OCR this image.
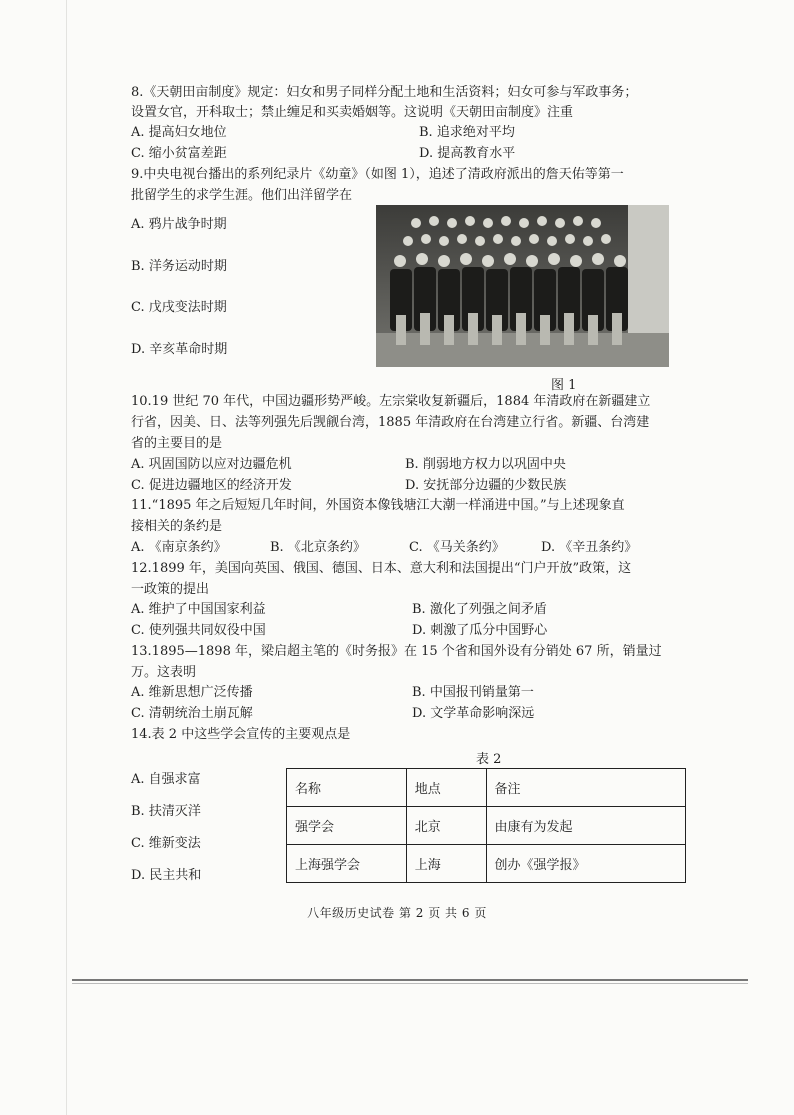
8.《天朝田亩制度》规定：妇女和男子同样分配土地和生活资料；妇女可参与军政事务；
设置女官，开科取士；禁止缠足和买卖婚姻等。这说明《天朝田亩制度》注重
A. 提高妇女地位	B. 追求绝对平均
C. 缩小贫富差距	D. 提高教育水平
9.中央电视台播出的系列纪录片《幼童》（如图 1），追述了清政府派出的詹天佑等第一
批留学生的求学生涯。他们出洋留学在
A. 鸦片战争时期
B. 洋务运动时期
C. 戊戌变法时期
D. 辛亥革命时期
图 1
10.19 世纪 70 年代，中国边疆形势严峻。左宗棠收复新疆后，1884 年清政府在新疆建立
行省，因美、日、法等列强先后觊觎台湾，1885 年清政府在台湾建立行省。新疆、台湾建
省的主要目的是
A. 巩固国防以应对边疆危机	B. 削弱地方权力以巩固中央
C. 促进边疆地区的经济开发	D. 安抚部分边疆的少数民族
11.“1895 年之后短短几年时间，外国资本像钱塘江大潮一样涌进中国。”与上述现象直
接相关的条约是
A. 《南京条约》	B. 《北京条约》	C. 《马关条约》	D. 《辛丑条约》
12.1899 年，美国向英国、俄国、德国、日本、意大利和法国提出“门户开放”政策，这
一政策的提出
A. 维护了中国国家利益	B. 激化了列强之间矛盾
C. 使列强共同奴役中国	D. 刺激了瓜分中国野心
13.1895—1898 年，梁启超主笔的《时务报》在 15 个省和国外设有分销处 67 所，销量过
万。这表明
A. 维新思想广泛传播	B. 中国报刊销量第一
C. 清朝统治土崩瓦解	D. 文学革命影响深远
14.表 2 中这些学会宣传的主要观点是
表 2
A. 自强求富
B. 扶清灭洋
C. 维新变法
D. 民主共和
名称	地点	备注
强学会	北京	由康有为发起
上海强学会	上海	创办《强学报》
八年级历史试卷 第 2 页 共 6 页
